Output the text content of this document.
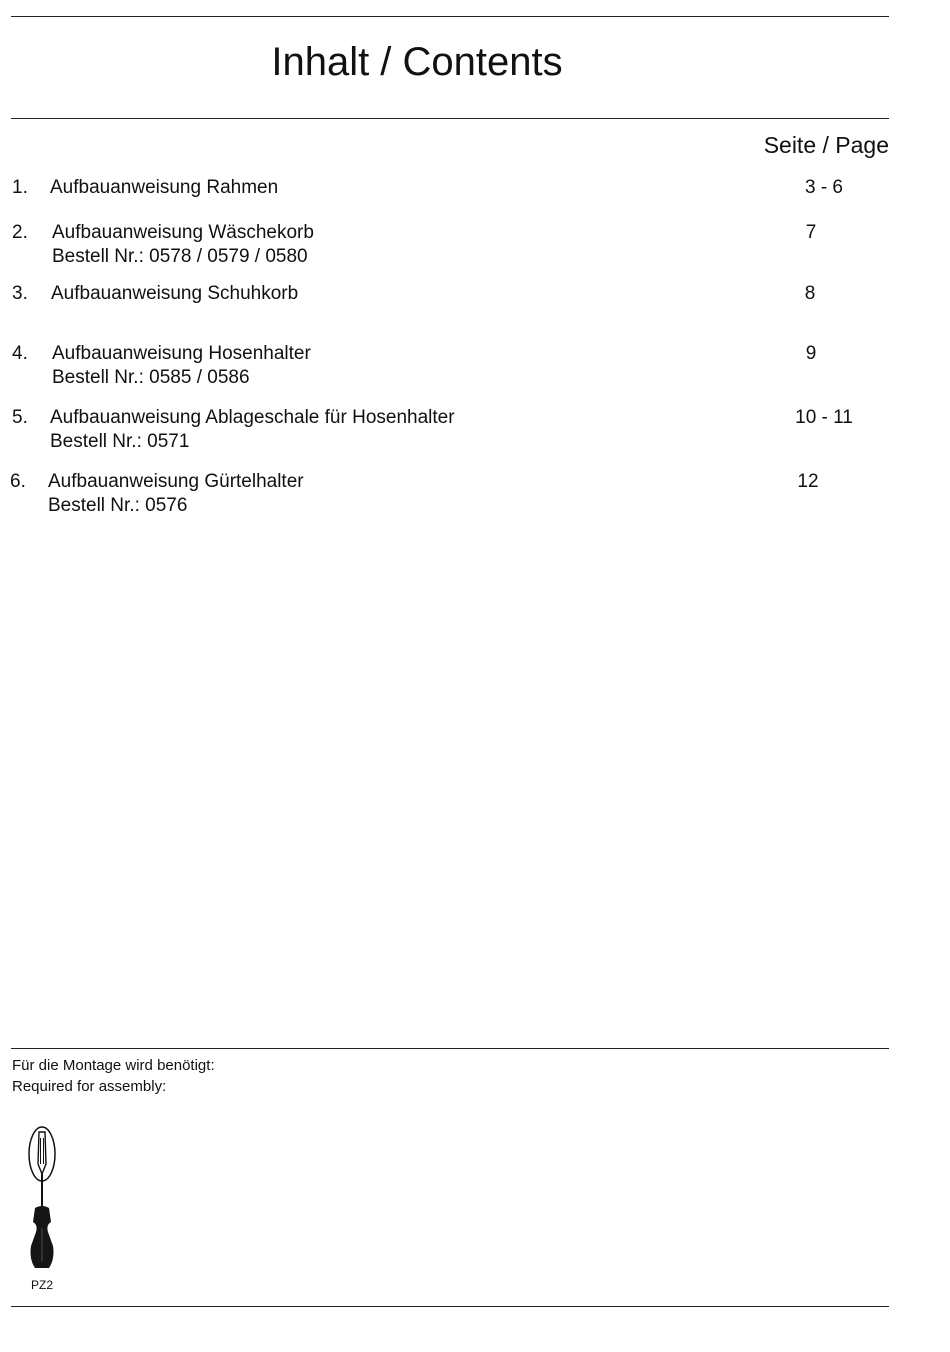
Inhalt / Contents
Seite / Page
1. Aufbauanweisung Rahmen	3 - 6
2. Aufbauanweisung Wäschekorb
Bestell Nr.: 0578 / 0579 / 0580
7
3. Aufbauanweisung Schuhkorb	8
4. Aufbauanweisung Hosenhalter
Bestell Nr.: 0585 / 0586
9
5. Aufbauanweisung Ablageschale für Hosenhalter
Bestell Nr.: 0571
10 - 11
6. Aufbauanweisung Gürtelhalter
Bestell Nr.: 0576
12
Für die Montage wird benötigt:
Required for assembly:
PZ2
